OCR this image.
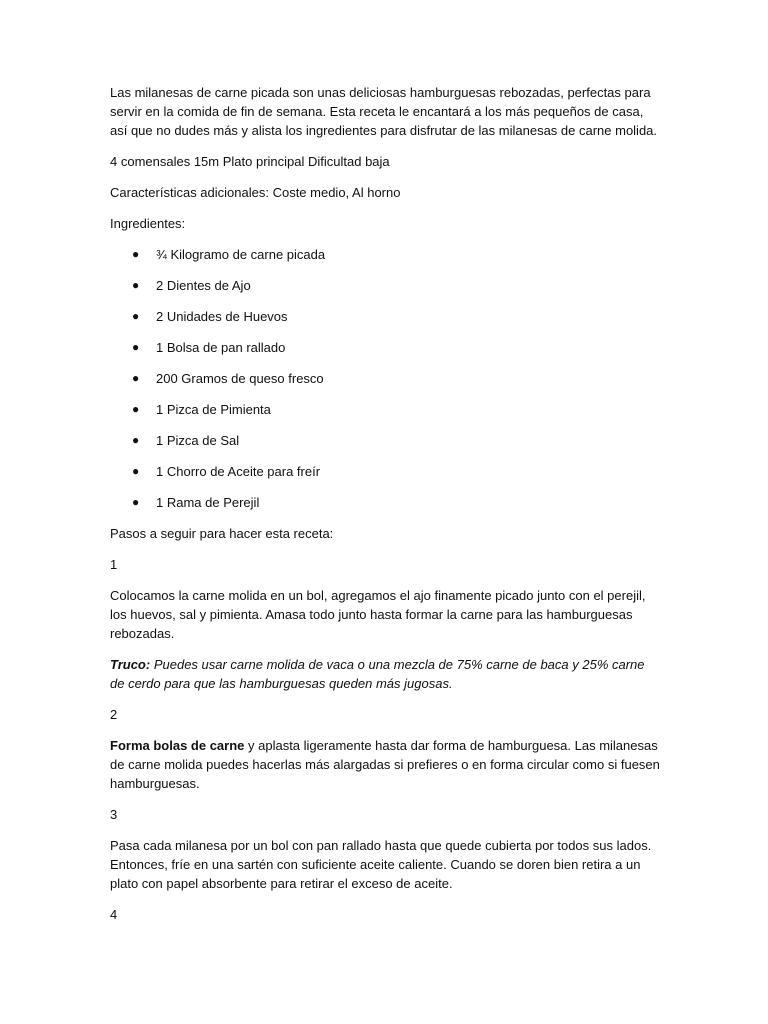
Las milanesas de carne picada son unas deliciosas hamburguesas rebozadas, perfectas para servir en la comida de fin de semana. Esta receta le encantará a los más pequeños de casa, así que no dudes más y alista los ingredientes para disfrutar de las milanesas de carne molida.

4 comensales 15m Plato principal Dificultad baja

Características adicionales: Coste medio, Al horno

Ingredientes:

● ¾ Kilogramo de carne picada
● 2 Dientes de Ajo
● 2 Unidades de Huevos
● 1 Bolsa de pan rallado
● 200 Gramos de queso fresco
● 1 Pizca de Pimienta
● 1 Pizca de Sal
● 1 Chorro de Aceite para freír
● 1 Rama de Perejil

Pasos a seguir para hacer esta receta:

1

Colocamos la carne molida en un bol, agregamos el ajo finamente picado junto con el perejil, los huevos, sal y pimienta. Amasa todo junto hasta formar la carne para las hamburguesas rebozadas.

Truco: Puedes usar carne molida de vaca o una mezcla de 75% carne de baca y 25% carne de cerdo para que las hamburguesas queden más jugosas.

2

Forma bolas de carne y aplasta ligeramente hasta dar forma de hamburguesa. Las milanesas de carne molida puedes hacerlas más alargadas si prefieres o en forma circular como si fuesen hamburguesas.

3

Pasa cada milanesa por un bol con pan rallado hasta que quede cubierta por todos sus lados. Entonces, fríe en una sartén con suficiente aceite caliente. Cuando se doren bien retira a un plato con papel absorbente para retirar el exceso de aceite.

4
